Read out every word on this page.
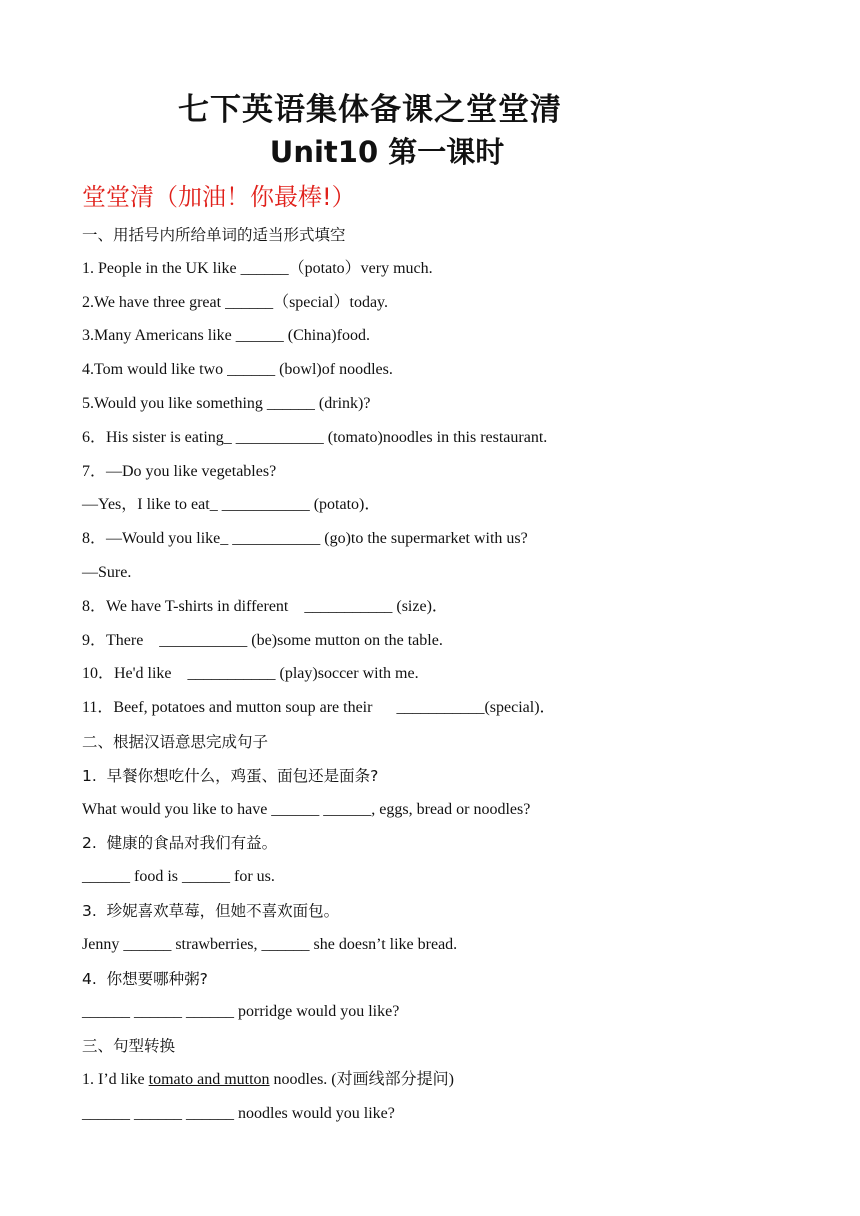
七下英语集体备课之堂堂清
Unit10 第一课时
堂堂清（加油！你最棒!）
一、用括号内所给单词的适当形式填空
1. People in the UK like ______（potato）very much.
2.We have three great ______（special）today.
3.Many Americans like ______ (China)food.
4.Tom would like two ______ (bowl)of noodles.
5.Would you like something ______ (drink)?
6．His sister is eating_ ___________ (tomato)noodles in this restaurant.
7．—Do you like vegetables?
—Yes，I like to eat_ ___________ (potato)．
8．—Would you like_ ___________ (go)to the supermarket with us?
—Sure.
8．We have T-shirts in different    ___________ (size)．
9．There    ___________ (be)some mutton on the table.
10．He'd like    ___________ (play)soccer with me.
11．Beef, potatoes and mutton soup are their      ___________(special)．
二、根据汉语意思完成句子
1.  早餐你想吃什么，鸡蛋、面包还是面条?
What would you like to have ______ ______, eggs, bread or noodles?
2.  健康的食品对我们有益。
______ food is ______ for us.
3.  珍妮喜欢草莓，但她不喜欢面包。
Jenny ______ strawberries, ______ she doesn’t like bread.
4.  你想要哪种粥?
______ ______ ______ porridge would you like?
三、句型转换
1. I’d like tomato and mutton noodles. (对画线部分提问)
______ ______ ______ noodles would you like?
